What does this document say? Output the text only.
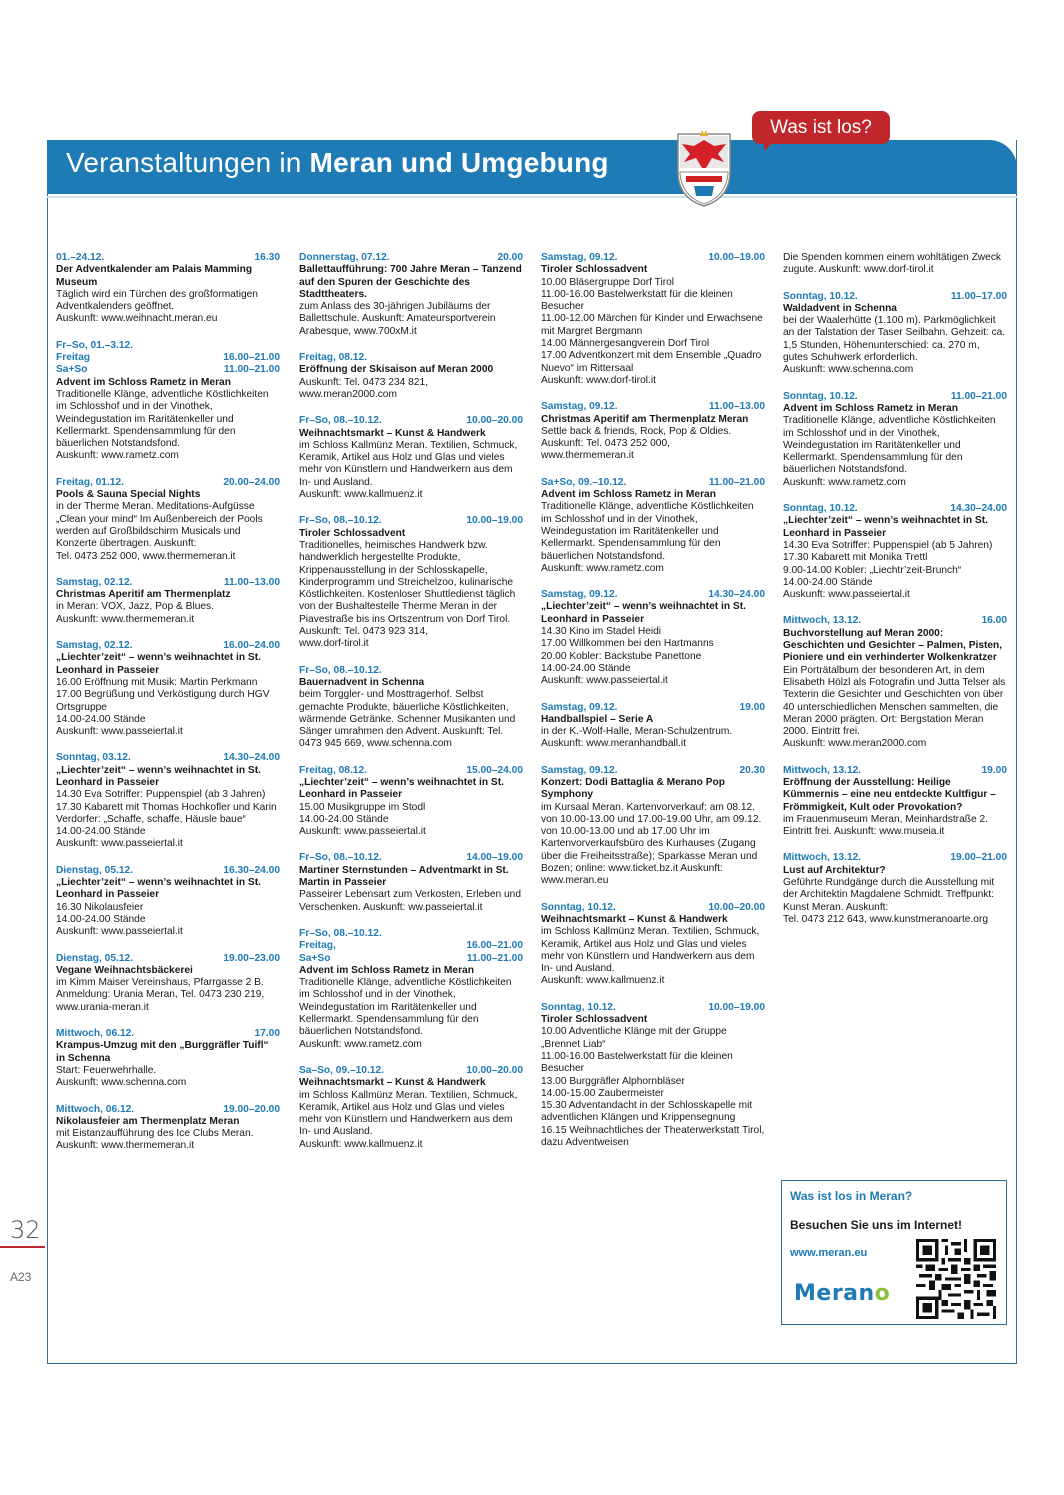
32
A23
Veranstaltungen in Meran und Umgebung
Was ist los?
01.–24.12.	16.30
Der Adventkalender am Palais Mamming Museum
Täglich wird ein Türchen des großformatigen Adventkalenders geöffnet.
Auskunft: www.weihnacht.meran.eu
Fr–So, 01.–3.12.
Freitag	16.00–21.00
Sa+So	11.00–21.00
Advent im Schloss Rametz in Meran
Traditionelle Klänge, adventliche Köstlichkeiten im Schlosshof und in der Vinothek, Weindegustation im Raritätenkeller und Kellermarkt. Spendensammlung für den bäuerlichen Notstandsfond.
Auskunft: www.rametz.com
Freitag, 01.12.	20.00–24.00
Pools & Sauna Special Nights
in der Therme Meran. Meditations-Aufgüsse „Clean your mind“ Im Außenbereich der Pools werden auf Großbildschirm Musicals und Konzerte übertragen. Auskunft:
Tel. 0473 252 000, www.thermemeran.it
Samstag, 02.12.	11.00–13.00
Christmas Aperitif am Thermenplatz
in Meran: VOX, Jazz, Pop & Blues.
Auskunft: www.thermemeran.it
Samstag, 02.12.	16.00–24.00
„Liechter’zeit“ – wenn’s weihnachtet in St. Leonhard in Passeier
16.00 Eröffnung mit Musik: Martin Perkmann
17.00 Begrüßung und Verköstigung durch HGV Ortsgruppe
14.00-24.00 Stände
Auskunft: www.passeiertal.it
Sonntag, 03.12.	14.30–24.00
„Liechter’zeit“ – wenn’s weihnachtet in St. Leonhard in Passeier
14.30 Eva Sotriffer: Puppenspiel (ab 3 Jahren)
17.30 Kabarett mit Thomas Hochkofler und Karin Verdorfer: „Schaffe, schaffe, Häusle baue“
14.00-24.00 Stände
Auskunft: www.passeiertal.it
Dienstag, 05.12.	16.30–24.00
„Liechter’zeit“ – wenn’s weihnachtet in St. Leonhard in Passeier
16.30 Nikolausfeier
14.00-24.00 Stände
Auskunft: www.passeiertal.it
Dienstag, 05.12.	19.00–23.00
Vegane Weihnachtsbäckerei
im Kimm Maiser Vereinshaus, Pfarrgasse 2 B. Anmeldung: Urania Meran, Tel. 0473 230 219, www.urania-meran.it
Mittwoch, 06.12.	17.00
Krampus-Umzug mit den „Burggräfler Tuifl“ in Schenna
Start: Feuerwehrhalle.
Auskunft: www.schenna.com
Mittwoch, 06.12.	19.00–20.00
Nikolausfeier am Thermenplatz Meran
mit Eistanzaufführung des Ice Clubs Meran.
Auskunft: www.thermemeran.it
Donnerstag, 07.12.	20.00
Ballettaufführung: 700 Jahre Meran – Tanzend auf den Spuren der Geschichte des Stadttheaters.
zum Anlass des 30-jährigen Jubiläums der Ballettschule. Auskunft: Amateursportverein Arabesque, www.700xM.it
Freitag, 08.12.
Eröffnung der Skisaison auf Meran 2000
Auskunft: Tel. 0473 234 821,
www.meran2000.com
Fr–So, 08.–10.12.	10.00–20.00
Weihnachtsmarkt – Kunst & Handwerk
im Schloss Kallmünz Meran. Textilien, Schmuck, Keramik, Artikel aus Holz und Glas und vieles mehr von Künstlern und Handwerkern aus dem In- und Ausland.
Auskunft: www.kallmuenz.it
Fr–So, 08.–10.12.	10.00–19.00
Tiroler Schlossadvent
Traditionelles, heimisches Handwerk bzw. handwerklich hergestellte Produkte, Krippenausstellung in der Schlosskapelle, Kinderprogramm und Streichelzoo, kulinarische Köstlichkeiten. Kostenloser Shuttledienst täglich von der Bushaltestelle Therme Meran in der Piavestraße bis ins Ortszentrum von Dorf Tirol. Auskunft: Tel. 0473 923 314,
www.dorf-tirol.it
Fr–So, 08.–10.12.
Bauernadvent in Schenna
beim Torggler- und Mosttragerhof. Selbst gemachte Produkte, bäuerliche Köstlichkeiten, wärmende Getränke. Schenner Musikanten und Sänger umrahmen den Advent. Auskunft: Tel. 0473 945 669, www.schenna.com
Freitag, 08.12.	15.00–24.00
„Liechter’zeit“ – wenn’s weihnachtet in St. Leonhard in Passeier
15.00 Musikgruppe im Stodl
14.00-24.00 Stände
Auskunft: www.passeiertal.it
Fr–So, 08.–10.12.	14.00–19.00
Martiner Sternstunden – Adventmarkt in St. Martin in Passeier
Passeirer Lebensart zum Verkosten, Erleben und Verschenken. Auskunft: ww.passeiertal.it
Fr–So, 08.–10.12.
Freitag,	16.00–21.00
Sa+So	11.00–21.00
Advent im Schloss Rametz in Meran
Traditionelle Klänge, adventliche Köstlichkeiten im Schlosshof und in der Vinothek, Weindegustation im Raritätenkeller und Kellermarkt. Spendensammlung für den bäuerlichen Notstandsfond.
Auskunft: www.rametz.com
Sa–So, 09.–10.12.	10.00–20.00
Weihnachtsmarkt – Kunst & Handwerk
im Schloss Kallmünz Meran. Textilien, Schmuck, Keramik, Artikel aus Holz und Glas und vieles mehr von Künstlern und Handwerkern aus dem In- und Ausland.
Auskunft: www.kallmuenz.it
Samstag, 09.12.	10.00–19.00
Tiroler Schlossadvent
10.00 Bläsergruppe Dorf Tirol
11.00-16.00 Bastelwerkstatt für die kleinen Besucher
11.00-12.00 Märchen für Kinder und Erwachsene mit Margret Bergmann
14.00 Männergesangverein Dorf Tirol
17.00 Adventkonzert mit dem Ensemble „Quadro Nuevo“ im Rittersaal
Auskunft: www.dorf-tirol.it
Samstag, 09.12.	11.00–13.00
Christmas Aperitif am Thermenplatz Meran
Settle back & friends, Rock, Pop & Oldies. Auskunft: Tel. 0473 252 000,
www.thermemeran.it
Sa+So, 09.–10.12.	11.00–21.00
Advent im Schloss Rametz in Meran
Traditionelle Klänge, adventliche Köstlichkeiten im Schlosshof und in der Vinothek, Weindegustation im Raritätenkeller und Kellermarkt. Spendensammlung für den bäuerlichen Notstandsfond.
Auskunft: www.rametz.com
Samstag, 09.12.	14.30–24.00
„Liechter’zeit“ – wenn’s weihnachtet in St. Leonhard in Passeier
14.30 Kino im Stadel Heidi
17.00 Willkommen bei den Hartmanns
20.00 Kobler: Backstube Panettone
14.00-24.00 Stände
Auskunft: www.passeiertal.it
Samstag, 09.12.	19.00
Handballspiel – Serie A
in der K.-Wolf-Halle, Meran-Schulzentrum. Auskunft: www.meranhandball.it
Samstag, 09.12.	20.30
Konzert: Dodi Battaglia & Merano Pop Symphony
im Kursaal Meran. Kartenvorverkauf: am 08.12. von 10.00-13.00 und 17.00-19.00 Uhr, am 09.12. von 10.00-13.00 und ab 17.00 Uhr im Kartenvorverkaufsbüro des Kurhauses (Zugang über die Freiheitsstraße); Sparkasse Meran und Bozen; online: www.ticket.bz.it Auskunft: www.meran.eu
Sonntag, 10.12.	10.00–20.00
Weihnachtsmarkt – Kunst & Handwerk
im Schloss Kallmünz Meran. Textilien, Schmuck, Keramik, Artikel aus Holz und Glas und vieles mehr von Künstlern und Handwerkern aus dem In- und Ausland.
Auskunft: www.kallmuenz.it
Sonntag, 10.12.	10.00–19.00
Tiroler Schlossadvent
10.00 Adventliche Klänge mit der Gruppe „Brennet Liab“
11.00-16.00 Bastelwerkstatt für die kleinen Besucher
13.00 Burggräfler Alphornbläser
14.00-15.00 Zaubermeister
15.30 Adventandacht in der Schlosskapelle mit adventlichen Klängen und Krippensegnung
16.15 Weihnachtliches der Theaterwerkstatt Tirol, dazu Adventweisen
Die Spenden kommen einem wohltätigen Zweck zugute. Auskunft: www.dorf-tirol.it
Sonntag, 10.12.	11.00–17.00
Waldadvent in Schenna
bei der Waalerhütte (1.100 m). Parkmöglichkeit an der Talstation der Taser Seilbahn. Gehzeit: ca. 1,5 Stunden, Höhenunterschied: ca. 270 m, gutes Schuhwerk erforderlich.
Auskunft: www.schenna.com
Sonntag, 10.12.	11.00–21.00
Advent im Schloss Rametz in Meran
Traditionelle Klänge, adventliche Köstlichkeiten im Schlosshof und in der Vinothek, Weindegustation im Raritätenkeller und Kellermarkt. Spendensammlung für den bäuerlichen Notstandsfond.
Auskunft: www.rametz.com
Sonntag, 10.12.	14.30–24.00
„Liechter’zeit“ – wenn’s weihnachtet in St. Leonhard in Passeier
14.30 Eva Sotriffer: Puppenspiel (ab 5 Jahren)
17.30 Kabarett mit Monika Trettl
9.00-14.00 Kobler: „Liechtr’zeit-Brunch“
14.00-24.00 Stände
Auskunft: www.passeiertal.it
Mittwoch, 13.12.	16.00
Buchvorstellung auf Meran 2000: Geschichten und Gesichter – Palmen, Pisten, Pioniere und ein verhinderter Wolkenkratzer
Ein Porträtalbum der besonderen Art, in dem Elisabeth Hölzl als Fotografin und Jutta Telser als Texterin die Gesichter und Geschichten von über 40 unterschiedlichen Menschen sammelten, die Meran 2000 prägten. Ort: Bergstation Meran 2000. Eintritt frei.
Auskunft: www.meran2000.com
Mittwoch, 13.12.	19.00
Eröffnung der Ausstellung: Heilige Kümmernis – eine neu entdeckte Kultfigur – Frömmigkeit, Kult oder Provokation?
im Frauenmuseum Meran, Meinhardstraße 2. Eintritt frei. Auskunft: www.museia.it
Mittwoch, 13.12.	19.00–21.00
Lust auf Architektur?
Geführte Rundgänge durch die Ausstellung mit der Architektin Magdalene Schmidt. Treffpunkt: Kunst Meran. Auskunft:
Tel. 0473 212 643, www.kunstmeranoarte.org
Was ist los in Meran?
Besuchen Sie uns im Internet!
www.meran.eu
Merano
